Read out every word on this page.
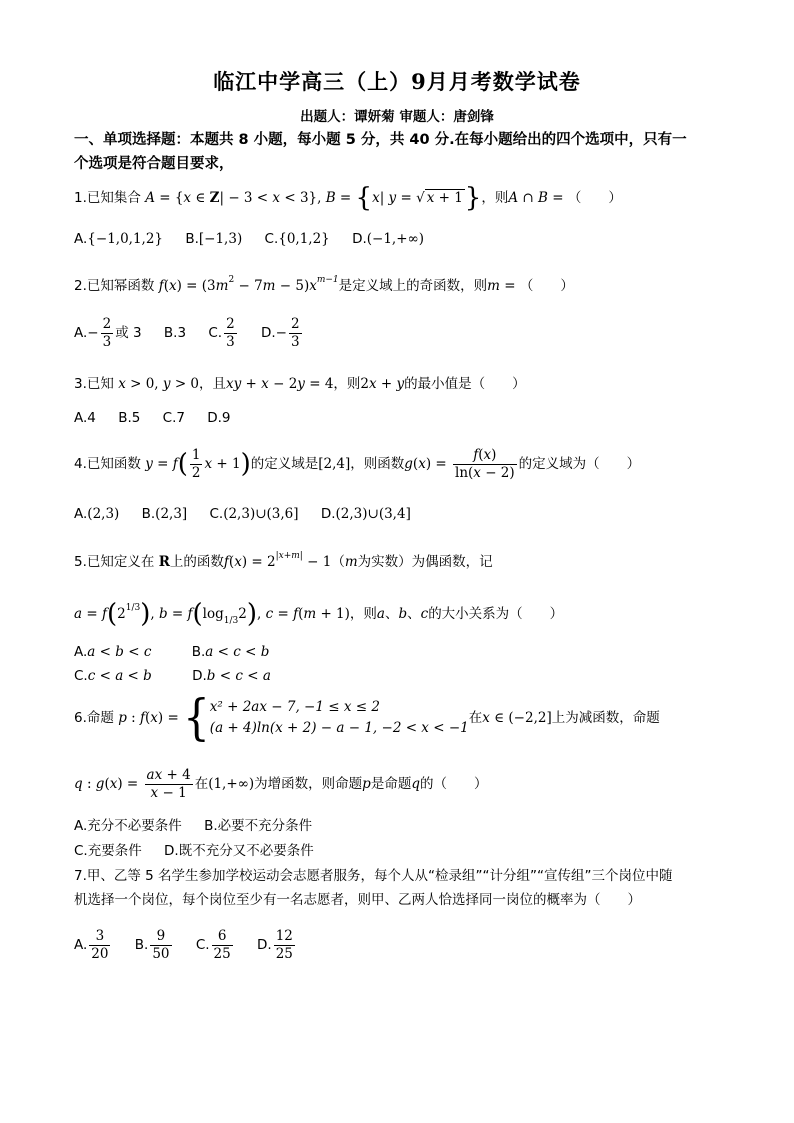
临江中学高三（上）9月月考数学试卷
出题人：谭妍菊 审题人：唐剑锋
一、单项选择题：本题共 8 小题，每小题 5 分，共 40 分.在每小题给出的四个选项中，只有一
个选项是符合题目要求，
1.已知集合 A = {x ∈ Z| − 3 < x < 3}, B = {x| y = √ x + 1}，则A ∩ B = （　　）
A.{−1,0,1,2} B.[−1,3) C.{0,1,2} D.(−1,+∞)
2.已知幂函数 $f(x) = (3m^2 - 7m - 5)x^{m-1}$是定义域上的奇函数，则m = （　　）
$A.- \frac{2}{3}$ 或 3 B.3 C. $\frac{2}{3} D.- \frac{2}{3}$
3.已知 x > 0, y > 0，且xy + x − 2y = 4，则2x + y的最小值是（　　）
A.4 B.5 C.7 D.9
4.已知函数 $y = f( \frac{1}{2}$ x + 1)的定义域是[2,4]，则函数$g(x) = \frac{f(x)}{\ln(x - 2)}$ 的定义域为（　　）
A.(2,3) B.(2,3] C.(2,3)∪(3,6] D.(2,3)∪(3,4]
5.已知定义在 R上的函数$f(x) = 2^{|x+m|} - 1(m$为实数）为偶函数，记
$a = f(2^{1/3})$, $b = f(\log_{1/3}2)$, c = f(m + 1)，则a、b、c的大小关系为（　　）
A.a < b < c	B.a < c < b
C.c < a < b	D.b < c < a
6.命题 p : f(x) = { x² + 2ax − 7, −1 ≤ x ≤ 2
(a + 4)ln(x + 2) − a − 1, −2 < x < −1
在x ∈ (−2,2]上为减函数，命题
q : $g(x) = \frac{ax + 4}{x - 1}$ 在(1,+∞)为增函数，则命题p是命题q的（　　）
A.充分不必要条件 B.必要不充分条件
C.充要条件 D.既不充分又不必要条件
7.甲、乙等 5 名学生参加学校运动会志愿者服务，每个人从“检录组”“计分组”“宣传组”三个岗位中随
机选择一个岗位，每个岗位至少有一名志愿者，则甲、乙两人恰选择同一岗位的概率为（　　）
A. $\frac{3}{20} B$. $\frac{9}{50} C$. $\frac{6}{25} D$. $\frac{12}{25}$
